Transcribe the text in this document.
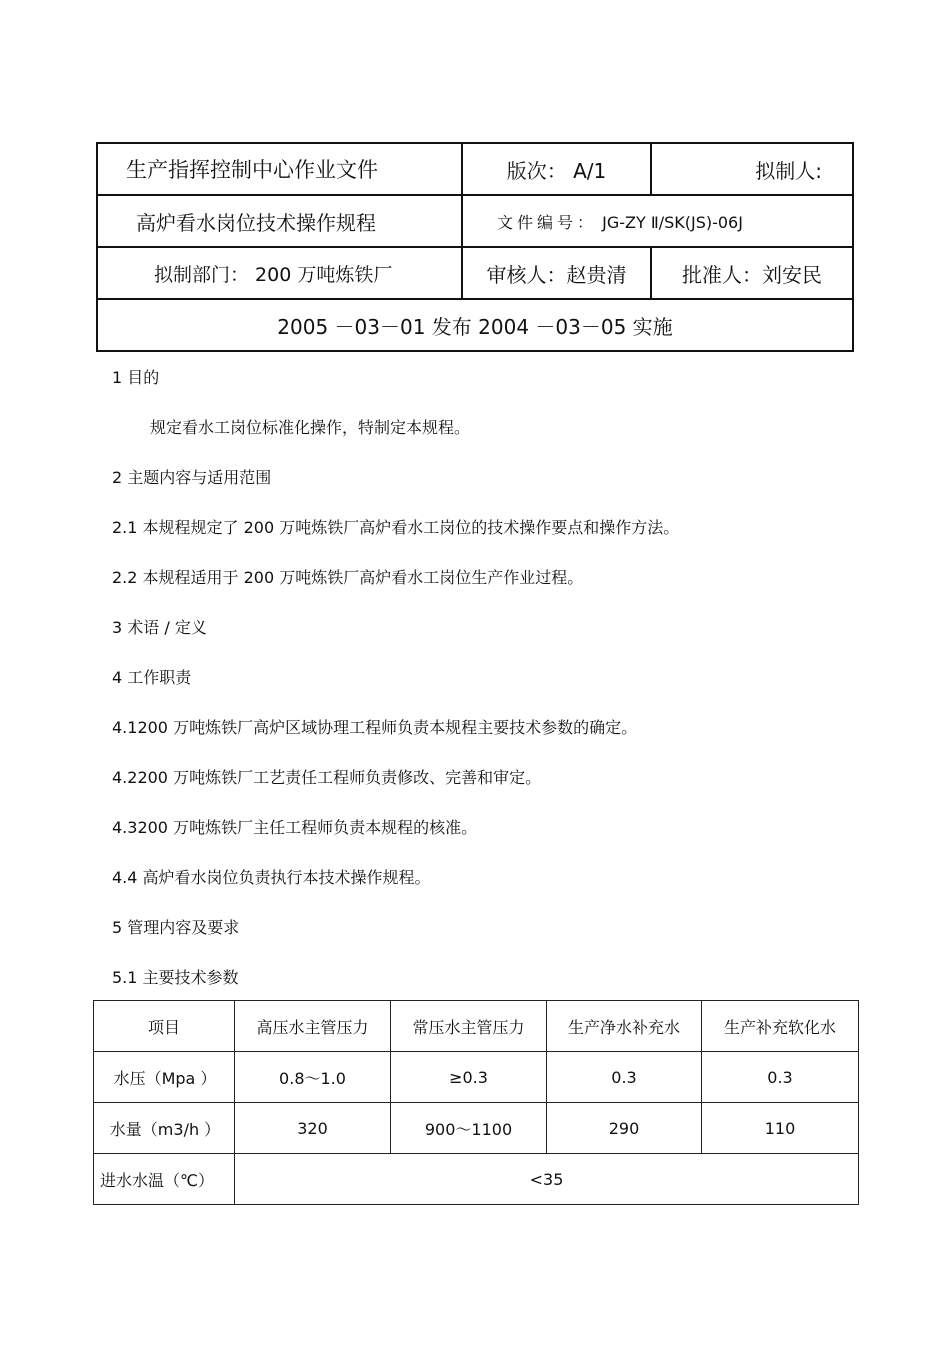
生产指挥控制中心作业文件	版次： A/1	拟制人:
高炉看水岗位技术操作规程	文件编号： JG-ZY Ⅱ/SK(JS)-06J	
拟制部门： 200 万吨炼铁厂	审核人：赵贵清	批准人：刘安民
2005 －03－01 发布 2004 －03－05 实施		

1 目的

规定看水工岗位标准化操作，特制定本规程。

2 主题内容与适用范围

2.1 本规程规定了 200 万吨炼铁厂高炉看水工岗位的技术操作要点和操作方法。

2.2 本规程适用于 200 万吨炼铁厂高炉看水工岗位生产作业过程。

3 术语 / 定义

4 工作职责

4.1200 万吨炼铁厂高炉区域协理工程师负责本规程主要技术参数的确定。

4.2200 万吨炼铁厂工艺责任工程师负责修改、完善和审定。

4.3200 万吨炼铁厂主任工程师负责本规程的核准。

4.4 高炉看水岗位负责执行本技术操作规程。

5 管理内容及要求

5.1 主要技术参数

项目	高压水主管压力	常压水主管压力	生产净水补充水	生产补充软化水
水压（Mpa ）	0.8～1.0	≥0.3	0.3	0.3
水量（m3/h ）	320	900～1100	290	110
进水水温（℃）	<35			
